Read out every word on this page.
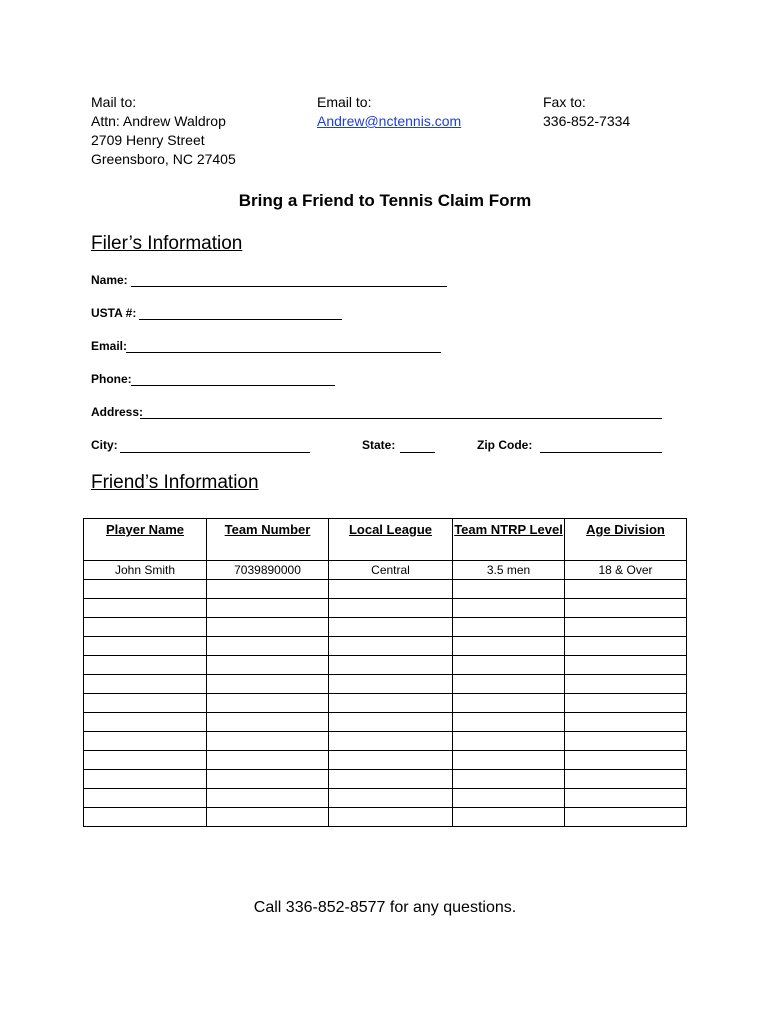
Mail to:
Attn: Andrew Waldrop
2709 Henry Street
Greensboro, NC 27405
Email to:
Andrew@nctennis.com
Fax to:
336-852-7334
Bring a Friend to Tennis Claim Form
Filer’s Information
Name:
USTA #:
Email:
Phone:
Address:
City:	State:	Zip Code:
Friend’s Information
Player Name	Team Number	Local League	Team NTRP Level	Age Division
John Smith	7039890000	Central	3.5 men	18 & Over

Call 336-852-8577 for any questions.
